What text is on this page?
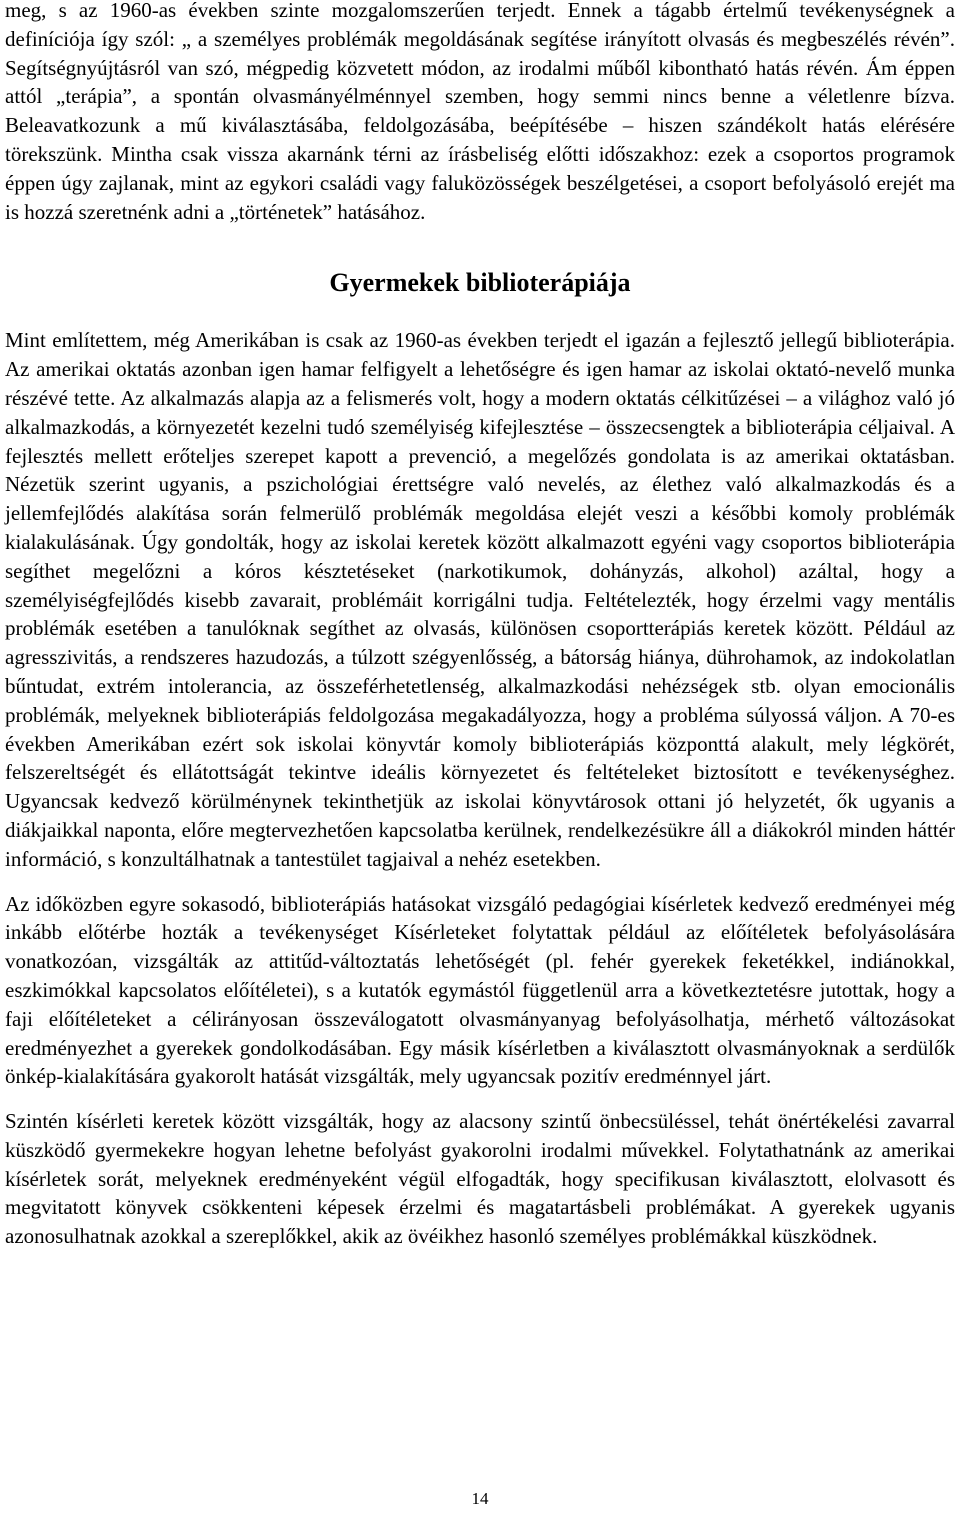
meg, s az 1960-as években szinte mozgalomszerűen terjedt. Ennek a tágabb értelmű tevékenységnek a definíciója így szól: „ a személyes problémák megoldásának segítése irányított olvasás és megbeszélés révén”. Segítségnyújtásról van szó, mégpedig közvetett módon, az irodalmi műből kibontható hatás révén. Ám éppen attól „terápia”, a spontán olvasmányélménnyel szemben, hogy semmi nincs benne a véletlenre bízva. Beleavatkozunk a mű kiválasztásába, feldolgozásába, beépítésébe – hiszen szándékolt hatás elérésére törekszünk. Mintha csak vissza akarnánk térni az írásbeliség előtti időszakhoz: ezek a csoportos programok éppen úgy zajlanak, mint az egykori családi vagy faluközösségek beszélgetései, a csoport befolyásoló erejét ma is hozzá szeretnénk adni a „történetek” hatásához.

Gyermekek biblioterápiája

Mint említettem, még Amerikában is csak az 1960-as években terjedt el igazán a fejlesztő jellegű biblioterápia. Az amerikai oktatás azonban igen hamar felfigyelt a lehetőségre és igen hamar az iskolai oktató-nevelő munka részévé tette. Az alkalmazás alapja az a felismerés volt, hogy a modern oktatás célkitűzései – a világhoz való jó alkalmazkodás, a környezetét kezelni tudó személyiség kifejlesztése – összecsengtek a biblioterápia céljaival. A fejlesztés mellett erőteljes szerepet kapott a prevenció, a megelőzés gondolata is az amerikai oktatásban. Nézetük szerint ugyanis, a pszichológiai érettségre való nevelés, az élethez való alkalmazkodás és a jellemfejlődés alakítása során felmerülő problémák megoldása elejét veszi a későbbi komoly problémák kialakulásának. Úgy gondolták, hogy az iskolai keretek között alkalmazott egyéni vagy csoportos biblioterápia segíthet megelőzni a kóros késztetéseket (narkotikumok, dohányzás, alkohol) azáltal, hogy a személyiségfejlődés kisebb zavarait, problémáit korrigálni tudja. Feltételezték, hogy érzelmi vagy mentális problémák esetében a tanulóknak segíthet az olvasás, különösen csoportterápiás keretek között. Például az agresszivitás, a rendszeres hazudozás, a túlzott szégyenlősség, a bátorság hiánya, dührohamok, az indokolatlan bűntudat, extrém intolerancia, az összeférhetetlenség, alkalmazkodási nehézségek stb. olyan emocionális problémák, melyeknek biblioterápiás feldolgozása megakadályozza, hogy a probléma súlyossá váljon. A 70-es években Amerikában ezért sok iskolai könyvtár komoly biblioterápiás központtá alakult, mely légkörét, felszereltségét és ellátottságát tekintve ideális környezetet és feltételeket biztosított e tevékenységhez. Ugyancsak kedvező körülménynek tekinthetjük az iskolai könyvtárosok ottani jó helyzetét, ők ugyanis a diákjaikkal naponta, előre megtervezhetően kapcsolatba kerülnek, rendelkezésükre áll a diákokról minden háttér információ, s konzultálhatnak a tantestület tagjaival a nehéz esetekben.

Az időközben egyre sokasodó, biblioterápiás hatásokat vizsgáló pedagógiai kísérletek kedvező eredményei még inkább előtérbe hozták a tevékenységet Kísérleteket folytattak például az előítéletek befolyásolására vonatkozóan, vizsgálták az attitűd-változtatás lehetőségét (pl. fehér gyerekek feketékkel, indiánokkal, eszkimókkal kapcsolatos előítéletei), s a kutatók egymástól függetlenül arra a következtetésre jutottak, hogy a faji előítéleteket a célirányosan összeválogatott olvasmányanyag befolyásolhatja, mérhető változásokat eredményezhet a gyerekek gondolkodásában. Egy másik kísérletben a kiválasztott olvasmányoknak a serdülők önkép-kialakítására gyakorolt hatását vizsgálták, mely ugyancsak pozitív eredménnyel járt.

Szintén kísérleti keretek között vizsgálták, hogy az alacsony szintű önbecsüléssel, tehát önértékelési zavarral küszködő gyermekekre hogyan lehetne befolyást gyakorolni irodalmi művekkel. Folytathatnánk az amerikai kísérletek sorát, melyeknek eredményeként végül elfogadták, hogy specifikusan kiválasztott, elolvasott és megvitatott könyvek csökkenteni képesek érzelmi és magatartásbeli problémákat. A gyerekek ugyanis azonosulhatnak azokkal a szereplőkkel, akik az övéikhez hasonló személyes problémákkal küszködnek.

14
